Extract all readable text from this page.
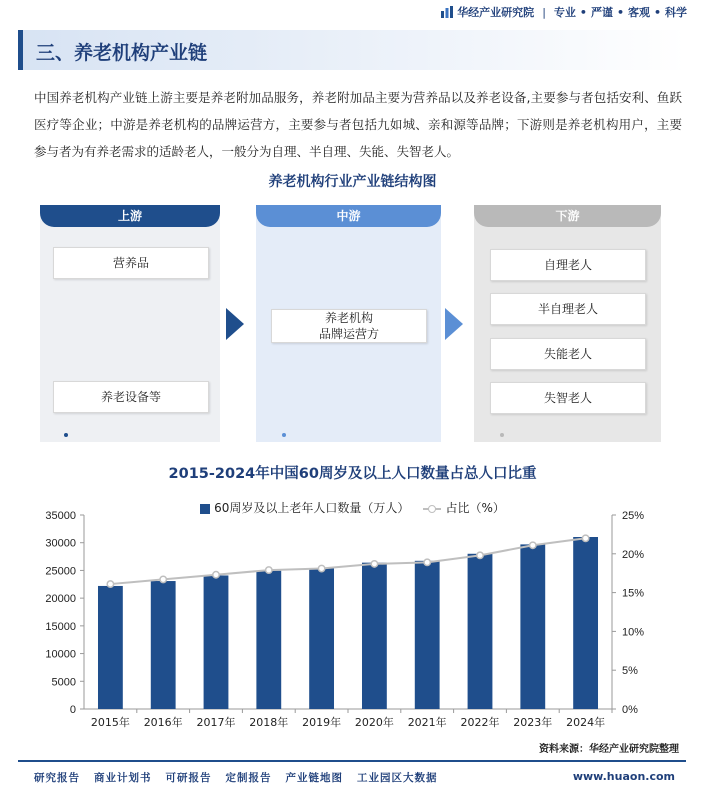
华经产业研究院 | 专业 • 严谨 • 客观 • 科学
三、养老机构产业链
中国养老机构产业链上游主要是养老附加品服务，养老附加品主要为营养品以及养老设备,主要参与者包括安利、鱼跃医疗等企业；中游是养老机构的品牌运营方，主要参与者包括九如城、亲和源等品牌；下游则是养老机构用户，主要参与者为有养老需求的适龄老人，一般分为自理、半自理、失能、失智老人。
养老机构行业产业链结构图
上游
营养品
养老设备等
中游
养老机构
品牌运营方
下游
自理老人
半自理老人
失能老人
失智老人
2015-2024年中国60周岁及以上人口数量占总人口比重
60周岁及以上老年人口数量（万人）	占比（%）
0
5000
10000
15000
20000
25000
30000
35000
0%
5%
10%
15%
20%
25%
2015年 2016年 2017年 2018年 2019年 2020年 2021年 2022年 2023年 2024年
资料来源：华经产业研究院整理
研究报告 商业计划书 可研报告 定制报告 产业链地图 工业园区大数据	www.huaon.com
